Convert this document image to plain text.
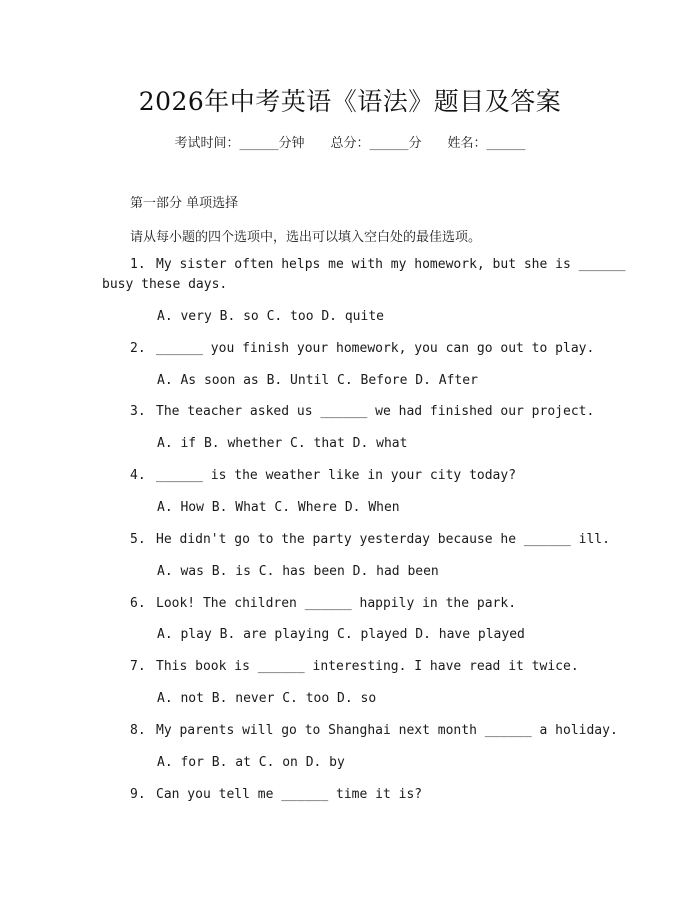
2026年中考英语《语法》题目及答案
考试时间：______分钟 总分：______分 姓名：______
第一部分 单项选择
请从每小题的四个选项中，选出可以填入空白处的最佳选项。
1. My sister often helps me with my homework, but she is ______
busy these days.
A. very B. so C. too D. quite
2. ______ you finish your homework, you can go out to play.
A. As soon as B. Until C. Before D. After
3. The teacher asked us ______ we had finished our project.
A. if B. whether C. that D. what
4. ______ is the weather like in your city today?
A. How B. What C. Where D. When
5. He didn't go to the party yesterday because he ______ ill.
A. was B. is C. has been D. had been
6. Look! The children ______ happily in the park.
A. play B. are playing C. played D. have played
7. This book is ______ interesting. I have read it twice.
A. not B. never C. too D. so
8. My parents will go to Shanghai next month ______ a holiday.
A. for B. at C. on D. by
9. Can you tell me ______ time it is?
